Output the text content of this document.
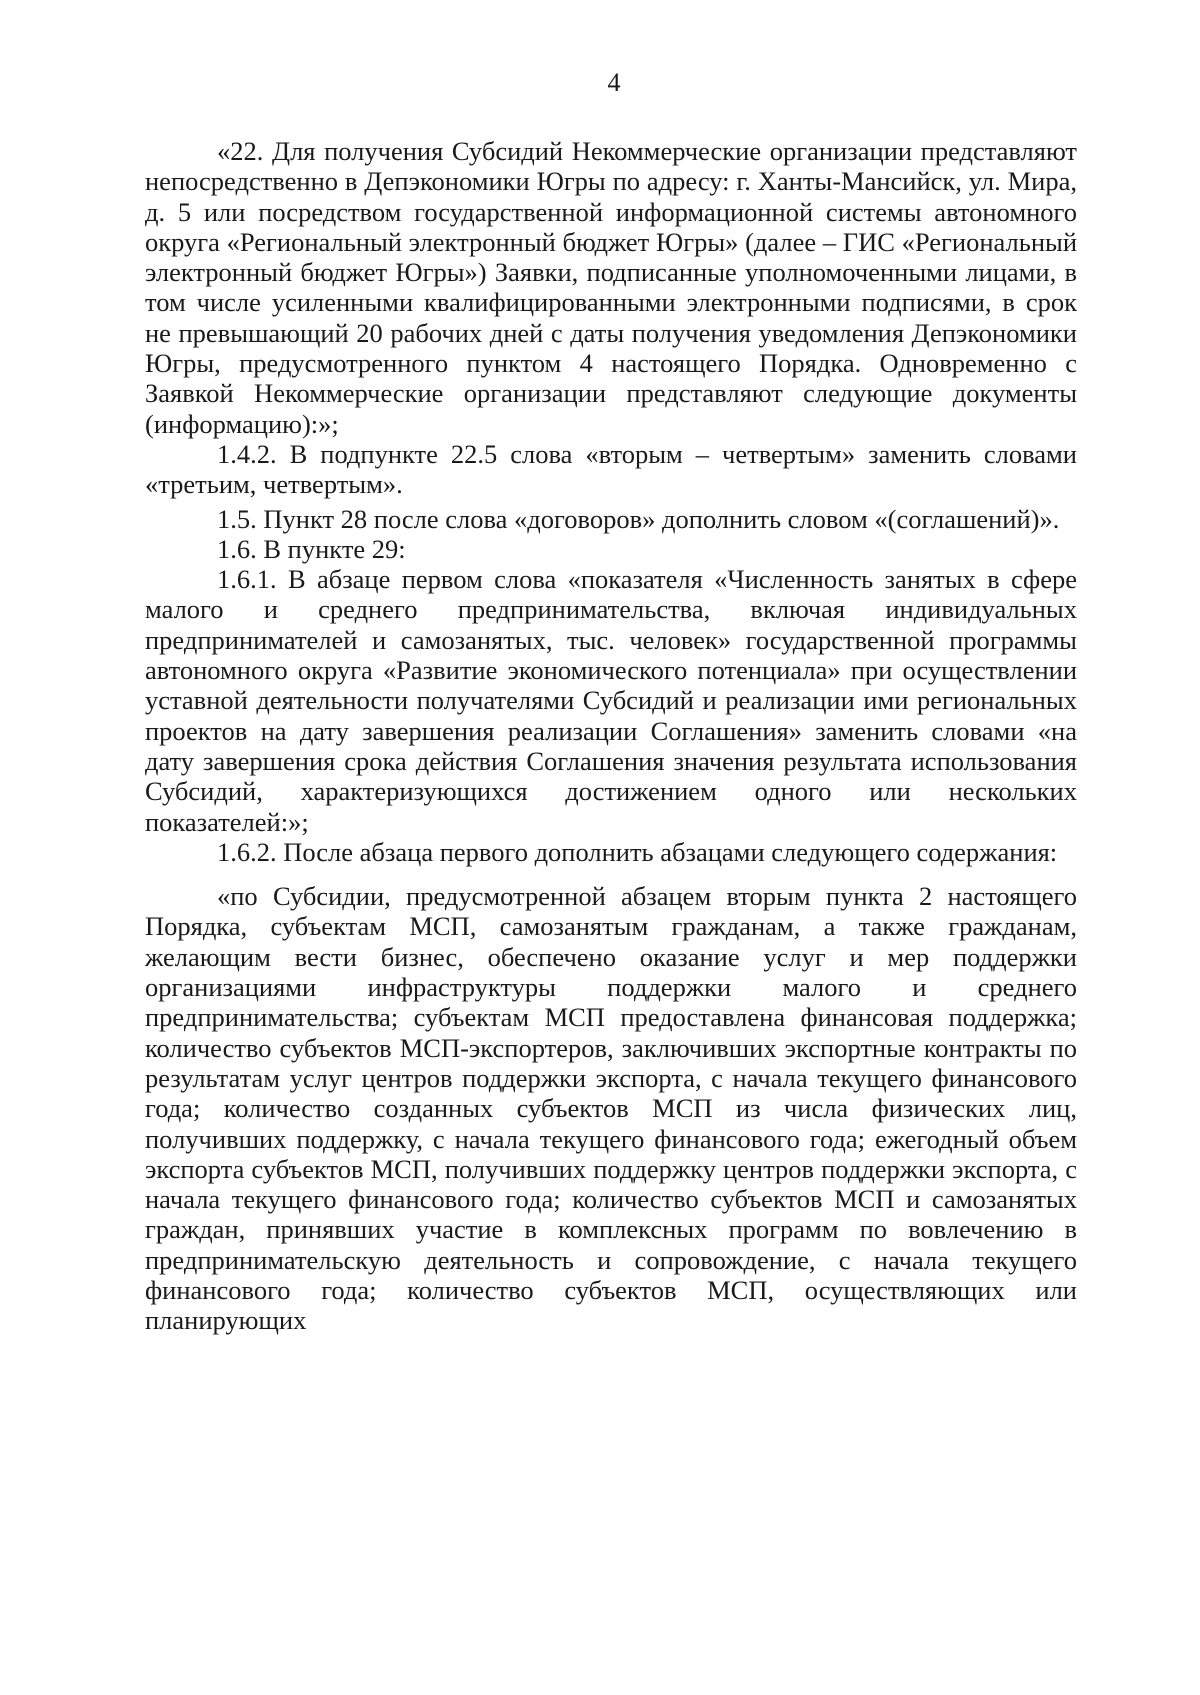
4

«22. Для получения Субсидий Некоммерческие организации представляют непосредственно в Депэкономики Югры по адресу: г. Ханты-Мансийск, ул. Мира, д. 5 или посредством государственной информационной системы автономного округа «Региональный электронный бюджет Югры» (далее – ГИС «Региональный электронный бюджет Югры») Заявки, подписанные уполномоченными лицами, в том числе усиленными квалифицированными электронными подписями, в срок не превышающий 20 рабочих дней с даты получения уведомления Депэкономики Югры, предусмотренного пунктом 4 настоящего Порядка. Одновременно с Заявкой Некоммерческие организации представляют следующие документы (информацию):»;

1.4.2. В подпункте 22.5 слова «вторым – четвертым» заменить словами «третьим, четвертым».

1.5. Пункт 28 после слова «договоров» дополнить словом «(соглашений)».

1.6. В пункте 29:

1.6.1. В абзаце первом слова «показателя «Численность занятых в сфере малого и среднего предпринимательства, включая индивидуальных предпринимателей и самозанятых, тыс. человек» государственной программы автономного округа «Развитие экономического потенциала» при осуществлении уставной деятельности получателями Субсидий и реализации ими региональных проектов на дату завершения реализации Соглашения» заменить словами «на дату завершения срока действия Соглашения значения результата использования Субсидий, характеризующихся достижением одного или нескольких показателей:»;

1.6.2. После абзаца первого дополнить абзацами следующего содержания:

«по Субсидии, предусмотренной абзацем вторым пункта 2 настоящего Порядка, субъектам МСП, самозанятым гражданам, а также гражданам, желающим вести бизнес, обеспечено оказание услуг и мер поддержки организациями инфраструктуры поддержки малого и среднего предпринимательства; субъектам МСП предоставлена финансовая поддержка; количество субъектов МСП-экспортеров, заключивших экспортные контракты по результатам услуг центров поддержки экспорта, с начала текущего финансового года; количество созданных субъектов МСП из числа физических лиц, получивших поддержку, с начала текущего финансового года; ежегодный объем экспорта субъектов МСП, получивших поддержку центров поддержки экспорта, с начала текущего финансового года; количество субъектов МСП и самозанятых граждан, принявших участие в комплексных программ по вовлечению в предпринимательскую деятельность и сопровождение, с начала текущего финансового года; количество субъектов МСП, осуществляющих или планирующих
